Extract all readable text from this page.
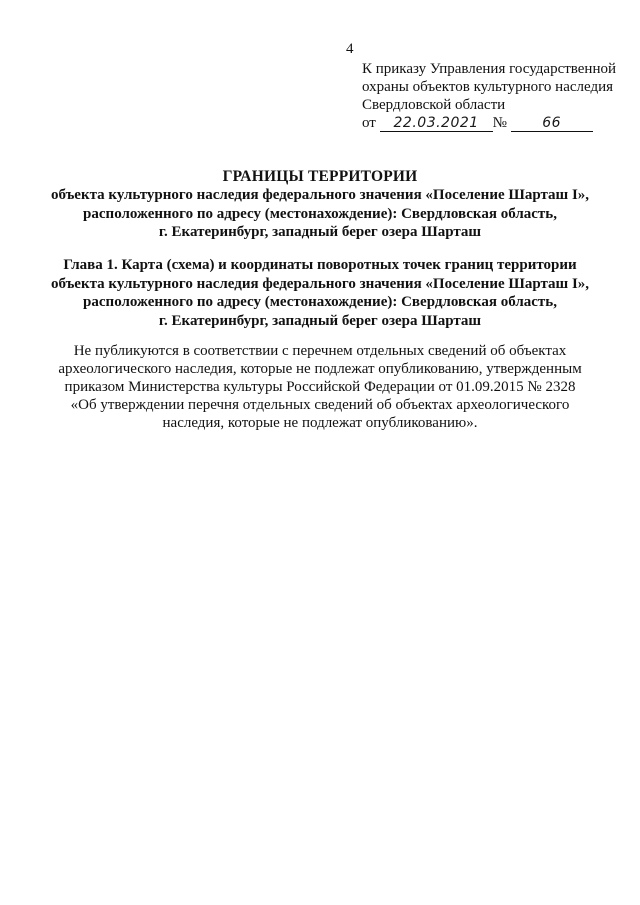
4
К приказу Управления государственной
охраны объектов культурного наследия
Свердловской области
от 22.03.2021 №	66
ГРАНИЦЫ ТЕРРИТОРИИ
объекта культурного наследия федерального значения «Поселение Шарташ I»,
расположенного по адресу (местонахождение): Свердловская область,
г. Екатеринбург, западный берег озера Шарташ
Глава 1. Карта (схема) и координаты поворотных точек границ территории
объекта культурного наследия федерального значения «Поселение Шарташ I»,
расположенного по адресу (местонахождение): Свердловская область,
г. Екатеринбург, западный берег озера Шарташ
Не публикуются в соответствии с перечнем отдельных сведений об объектах
археологического наследия, которые не подлежат опубликованию, утвержденным
приказом Министерства культуры Российской Федерации от 01.09.2015 № 2328
«Об утверждении перечня отдельных сведений об объектах археологического
наследия, которые не подлежат опубликованию».
